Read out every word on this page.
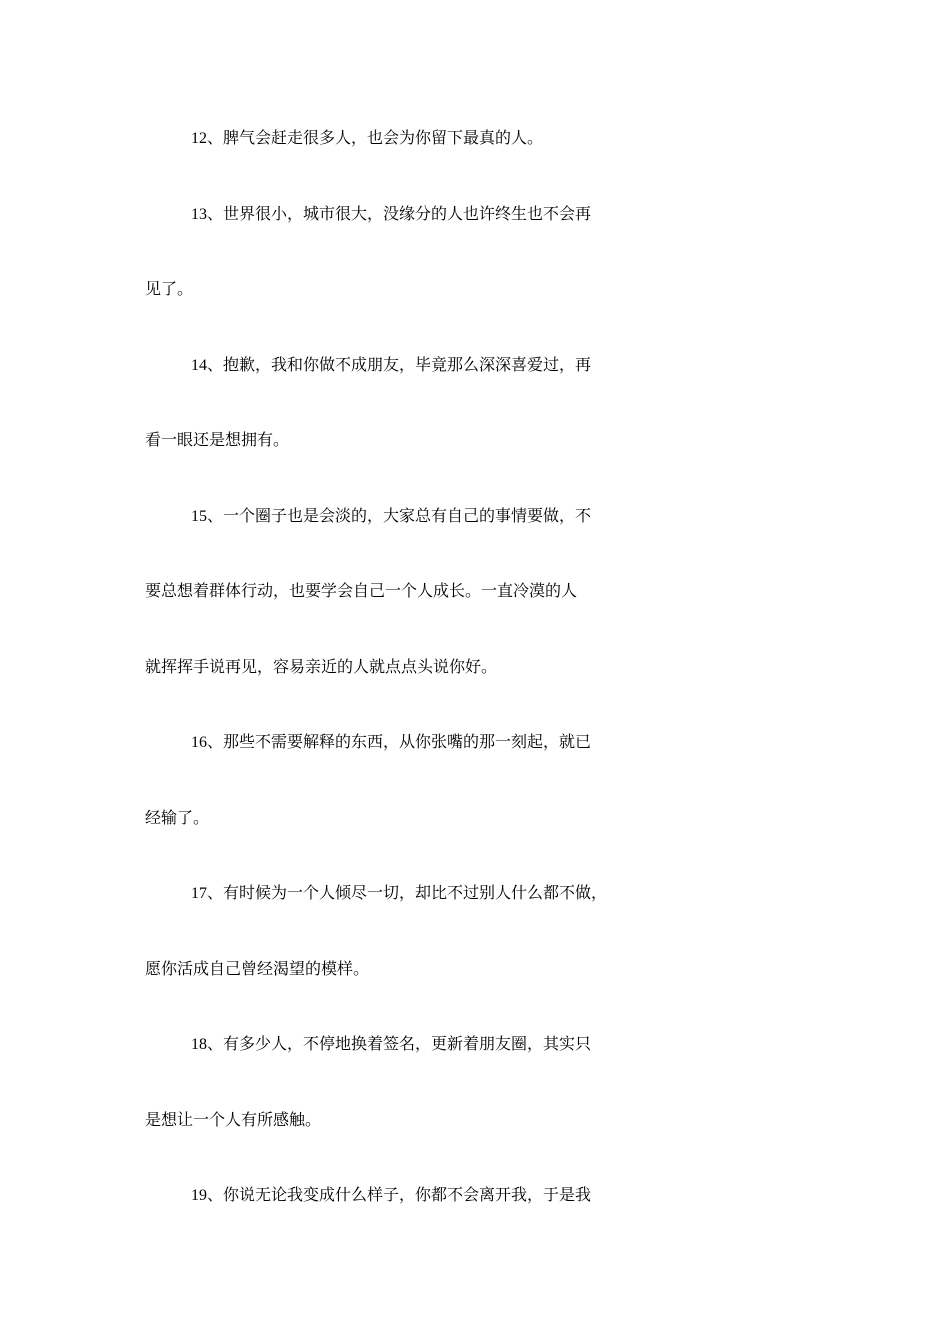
12、脾气会赶走很多人，也会为你留下最真的人。
13、世界很小，城市很大，没缘分的人也许终生也不会再
见了。
14、抱歉，我和你做不成朋友，毕竟那么深深喜爱过，再
看一眼还是想拥有。
15、一个圈子也是会淡的，大家总有自己的事情要做，不
要总想着群体行动，也要学会自己一个人成长。一直冷漠的人
就挥挥手说再见，容易亲近的人就点点头说你好。
16、那些不需要解释的东西，从你张嘴的那一刻起，就已
经输了。
17、有时候为一个人倾尽一切，却比不过别人什么都不做，
愿你活成自己曾经渴望的模样。
18、有多少人，不停地换着签名，更新着朋友圈，其实只
是想让一个人有所感触。
19、你说无论我变成什么样子，你都不会离开我，于是我
